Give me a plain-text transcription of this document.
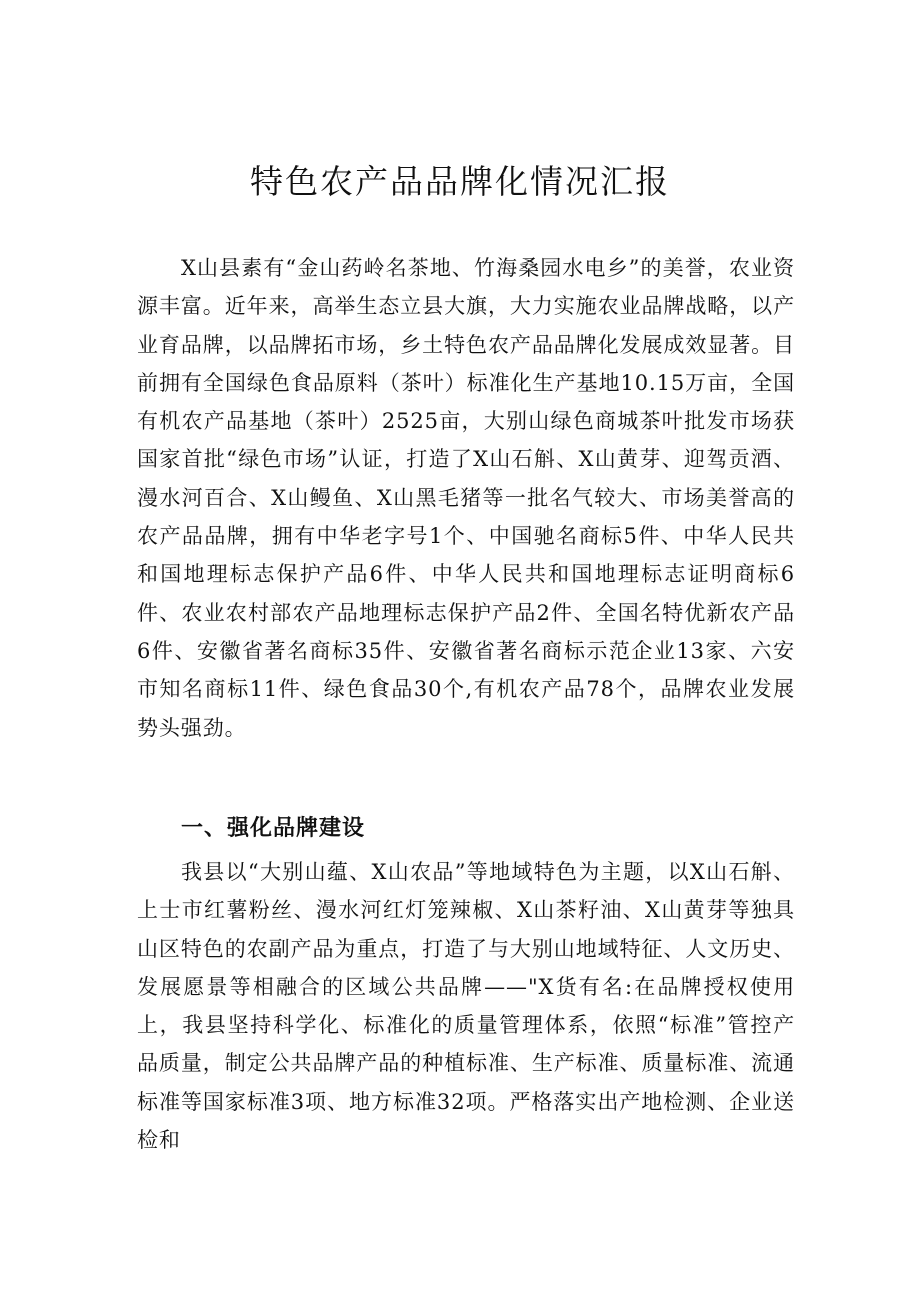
特色农产品品牌化情况汇报

X山县素有“金山药岭名茶地、竹海桑园水电乡”的美誉，农业资源丰富。近年来，高举生态立县大旗，大力实施农业品牌战略，以产业育品牌，以品牌拓市场，乡土特色农产品品牌化发展成效显著。目前拥有全国绿色食品原料（茶叶）标准化生产基地10.15万亩，全国有机农产品基地（茶叶）2525亩，大别山绿色商城茶叶批发市场获国家首批“绿色市场”认证，打造了X山石斛、X山黄芽、迎驾贡酒、漫水河百合、X山鳗鱼、X山黑毛猪等一批名气较大、市场美誉高的农产品品牌，拥有中华老字号1个、中国驰名商标5件、中华人民共和国地理标志保护产品6件、中华人民共和国地理标志证明商标6件、农业农村部农产品地理标志保护产品2件、全国名特优新农产品6件、安徽省著名商标35件、安徽省著名商标示范企业13家、六安市知名商标11件、绿色食品30个,有机农产品78个，品牌农业发展势头强劲。

一、强化品牌建设

我县以“大别山蕴、X山农品”等地域特色为主题，以X山石斛、上士市红薯粉丝、漫水河红灯笼辣椒、X山茶籽油、X山黄芽等独具山区特色的农副产品为重点，打造了与大别山地域特征、人文历史、发展愿景等相融合的区域公共品牌——"X货有名:在品牌授权使用上，我县坚持科学化、标准化的质量管理体系，依照“标准”管控产品质量，制定公共品牌产品的种植标准、生产标准、质量标准、流通标准等国家标准3项、地方标准32项。严格落实出产地检测、企业送检和
